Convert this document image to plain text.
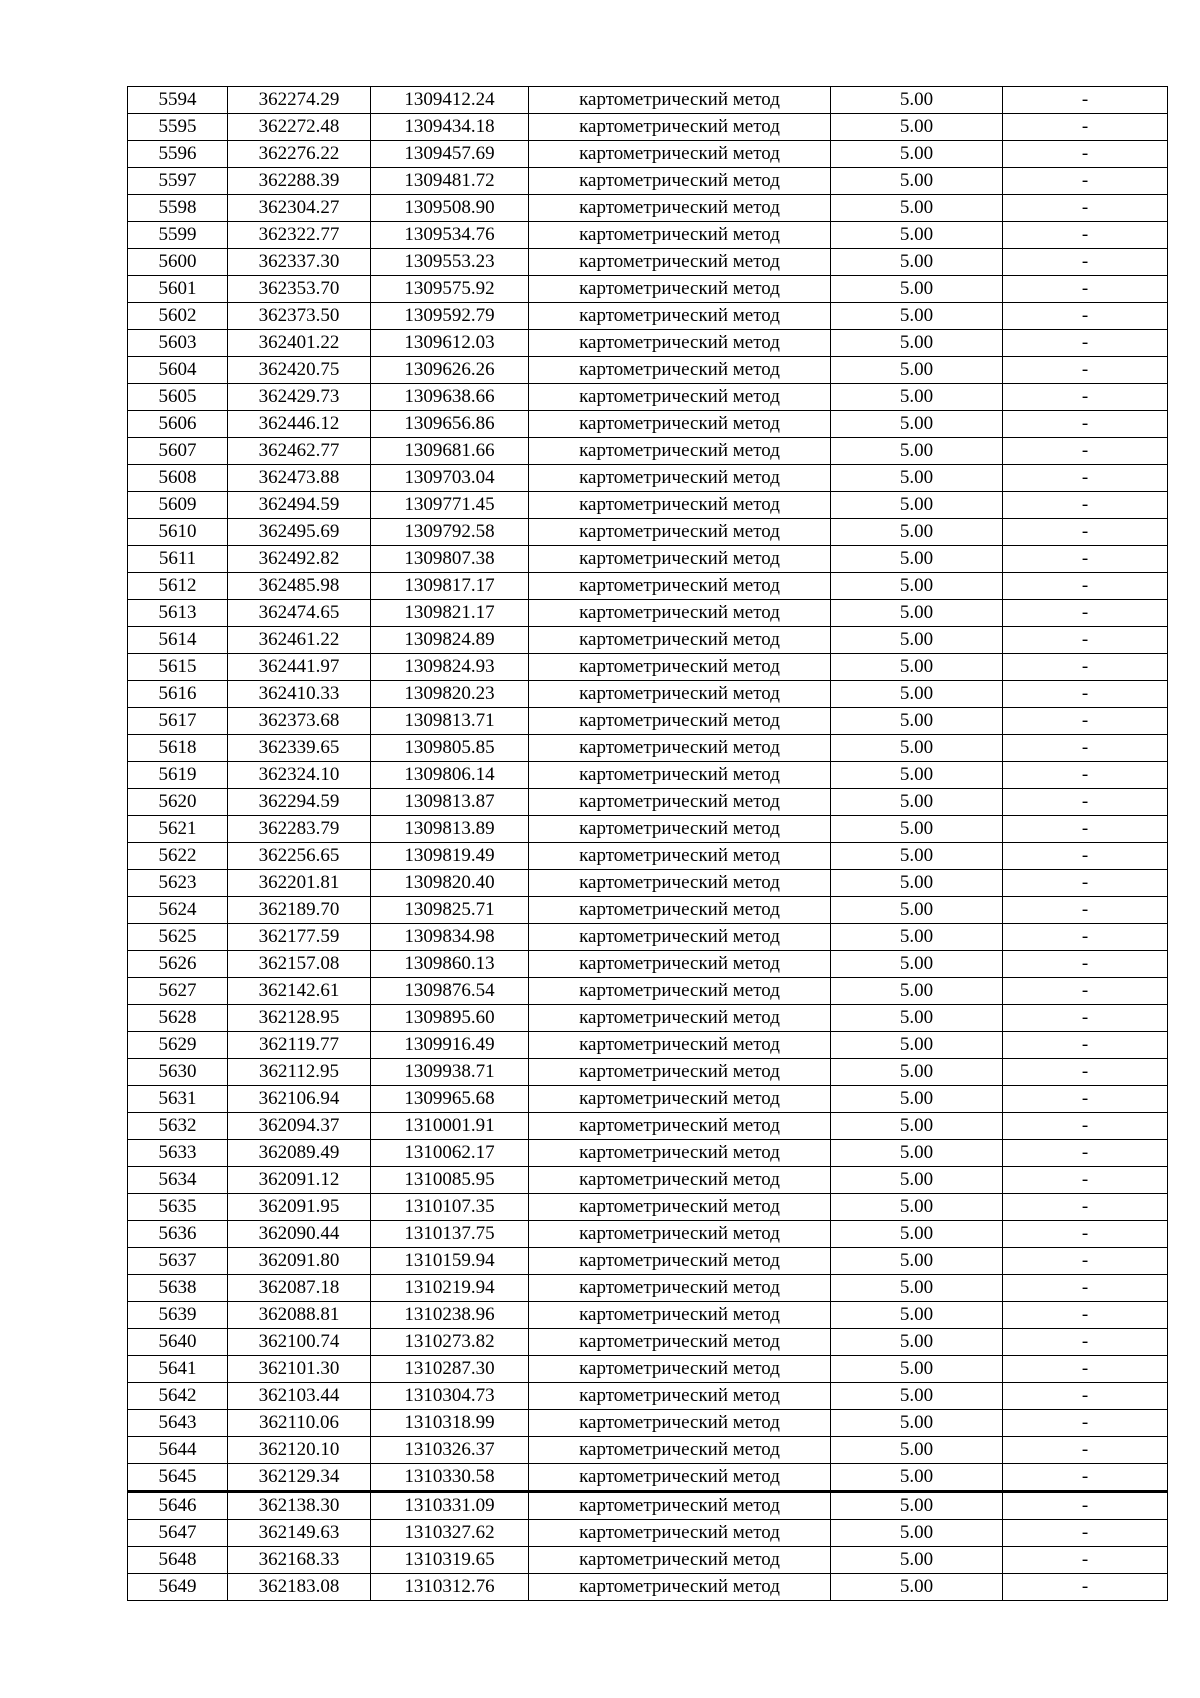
5594	362274.29	1309412.24	картометрический метод	5.00	-
5595	362272.48	1309434.18	картометрический метод	5.00	-
5596	362276.22	1309457.69	картометрический метод	5.00	-
5597	362288.39	1309481.72	картометрический метод	5.00	-
5598	362304.27	1309508.90	картометрический метод	5.00	-
5599	362322.77	1309534.76	картометрический метод	5.00	-
5600	362337.30	1309553.23	картометрический метод	5.00	-
5601	362353.70	1309575.92	картометрический метод	5.00	-
5602	362373.50	1309592.79	картометрический метод	5.00	-
5603	362401.22	1309612.03	картометрический метод	5.00	-
5604	362420.75	1309626.26	картометрический метод	5.00	-
5605	362429.73	1309638.66	картометрический метод	5.00	-
5606	362446.12	1309656.86	картометрический метод	5.00	-
5607	362462.77	1309681.66	картометрический метод	5.00	-
5608	362473.88	1309703.04	картометрический метод	5.00	-
5609	362494.59	1309771.45	картометрический метод	5.00	-
5610	362495.69	1309792.58	картометрический метод	5.00	-
5611	362492.82	1309807.38	картометрический метод	5.00	-
5612	362485.98	1309817.17	картометрический метод	5.00	-
5613	362474.65	1309821.17	картометрический метод	5.00	-
5614	362461.22	1309824.89	картометрический метод	5.00	-
5615	362441.97	1309824.93	картометрический метод	5.00	-
5616	362410.33	1309820.23	картометрический метод	5.00	-
5617	362373.68	1309813.71	картометрический метод	5.00	-
5618	362339.65	1309805.85	картометрический метод	5.00	-
5619	362324.10	1309806.14	картометрический метод	5.00	-
5620	362294.59	1309813.87	картометрический метод	5.00	-
5621	362283.79	1309813.89	картометрический метод	5.00	-
5622	362256.65	1309819.49	картометрический метод	5.00	-
5623	362201.81	1309820.40	картометрический метод	5.00	-
5624	362189.70	1309825.71	картометрический метод	5.00	-
5625	362177.59	1309834.98	картометрический метод	5.00	-
5626	362157.08	1309860.13	картометрический метод	5.00	-
5627	362142.61	1309876.54	картометрический метод	5.00	-
5628	362128.95	1309895.60	картометрический метод	5.00	-
5629	362119.77	1309916.49	картометрический метод	5.00	-
5630	362112.95	1309938.71	картометрический метод	5.00	-
5631	362106.94	1309965.68	картометрический метод	5.00	-
5632	362094.37	1310001.91	картометрический метод	5.00	-
5633	362089.49	1310062.17	картометрический метод	5.00	-
5634	362091.12	1310085.95	картометрический метод	5.00	-
5635	362091.95	1310107.35	картометрический метод	5.00	-
5636	362090.44	1310137.75	картометрический метод	5.00	-
5637	362091.80	1310159.94	картометрический метод	5.00	-
5638	362087.18	1310219.94	картометрический метод	5.00	-
5639	362088.81	1310238.96	картометрический метод	5.00	-
5640	362100.74	1310273.82	картометрический метод	5.00	-
5641	362101.30	1310287.30	картометрический метод	5.00	-
5642	362103.44	1310304.73	картометрический метод	5.00	-
5643	362110.06	1310318.99	картометрический метод	5.00	-
5644	362120.10	1310326.37	картометрический метод	5.00	-
5645	362129.34	1310330.58	картометрический метод	5.00	-
5646	362138.30	1310331.09	картометрический метод	5.00	-
5647	362149.63	1310327.62	картометрический метод	5.00	-
5648	362168.33	1310319.65	картометрический метод	5.00	-
5649	362183.08	1310312.76	картометрический метод	5.00	-
